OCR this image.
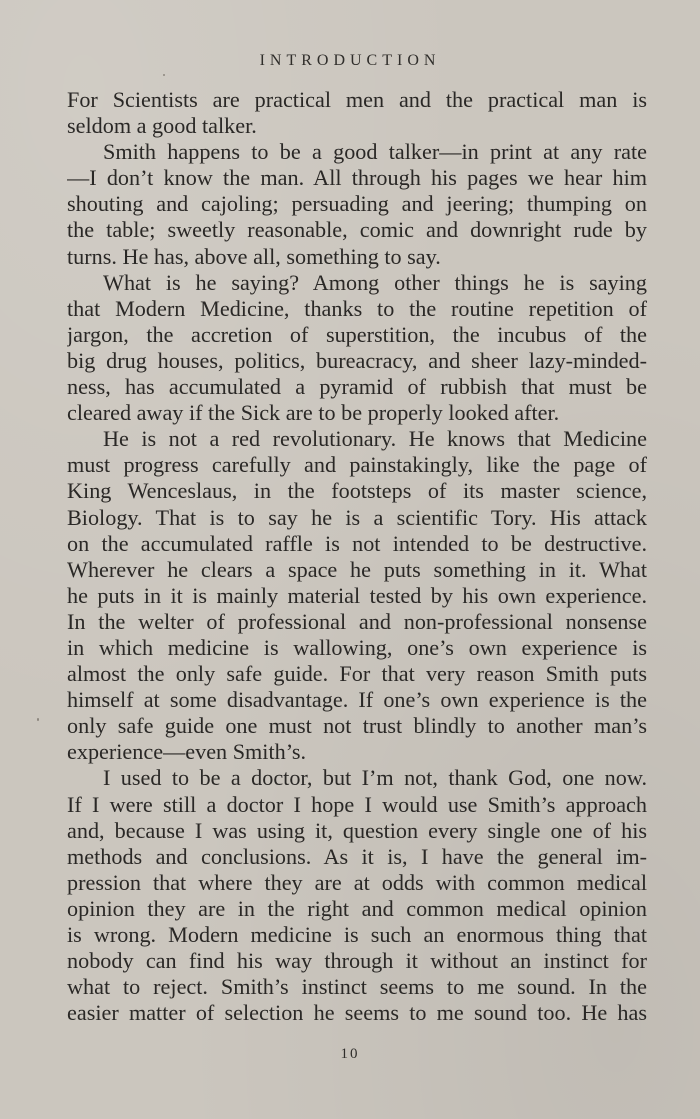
INTRODUCTION
For Scientists are practical men and the practical man is
seldom a good talker.
Smith happens to be a good talker—in print at any rate
—I don’t know the man. All through his pages we hear him
shouting and cajoling; persuading and jeering; thumping on
the table; sweetly reasonable, comic and downright rude by
turns. He has, above all, something to say.
What is he saying? Among other things he is saying
that Modern Medicine, thanks to the routine repetition of
jargon, the accretion of superstition, the incubus of the
big drug houses, politics, bureacracy, and sheer lazy-minded-
ness, has accumulated a pyramid of rubbish that must be
cleared away if the Sick are to be properly looked after.
He is not a red revolutionary. He knows that Medicine
must progress carefully and painstakingly, like the page of
King Wenceslaus, in the footsteps of its master science,
Biology. That is to say he is a scientific Tory. His attack
on the accumulated raffle is not intended to be destructive.
Wherever he clears a space he puts something in it. What
he puts in it is mainly material tested by his own experience.
In the welter of professional and non-professional nonsense
in which medicine is wallowing, one’s own experience is
almost the only safe guide. For that very reason Smith puts
himself at some disadvantage. If one’s own experience is the
only safe guide one must not trust blindly to another man’s
experience—even Smith’s.
I used to be a doctor, but I’m not, thank God, one now.
If I were still a doctor I hope I would use Smith’s approach
and, because I was using it, question every single one of his
methods and conclusions. As it is, I have the general im-
pression that where they are at odds with common medical
opinion they are in the right and common medical opinion
is wrong. Modern medicine is such an enormous thing that
nobody can find his way through it without an instinct for
what to reject. Smith’s instinct seems to me sound. In the
easier matter of selection he seems to me sound too. He has
10
